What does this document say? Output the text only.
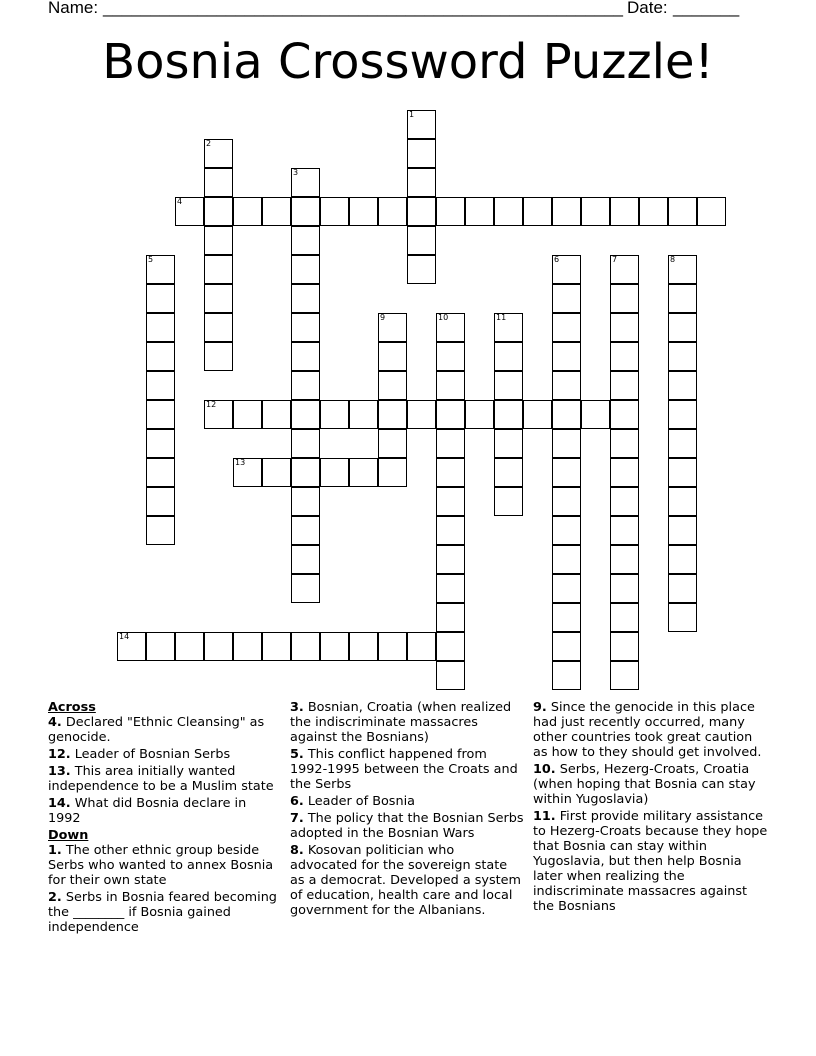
Name: _______________________________________________________ Date: _______
Bosnia Crossword Puzzle!
1
2
3
4
5	6	7	8
9	10	11
12
13
14
Across
4. Declared "Ethnic Cleansing" as genocide.
12. Leader of Bosnian Serbs
13. This area initially wanted independence to be a Muslim state
14. What did Bosnia declare in 1992
Down
1. The other ethnic group beside Serbs who wanted to annex Bosnia for their own state
2. Serbs in Bosnia feared becoming the ________ if Bosnia gained independence
3. Bosnian, Croatia (when realized the indiscriminate massacres against the Bosnians)
5. This conflict happened from 1992-1995 between the Croats and the Serbs
6. Leader of Bosnia
7. The policy that the Bosnian Serbs adopted in the Bosnian Wars
8. Kosovan politician who advocated for the sovereign state as a democrat. Developed a system of education, health care and local government for the Albanians.
9. Since the genocide in this place had just recently occurred, many other countries took great caution as how to they should get involved.
10. Serbs, Hezerg-Croats, Croatia (when hoping that Bosnia can stay within Yugoslavia)
11. First provide military assistance to Hezerg-Croats because they hope that Bosnia can stay within Yugoslavia, but then help Bosnia later when realizing the indiscriminate massacres against the Bosnians
